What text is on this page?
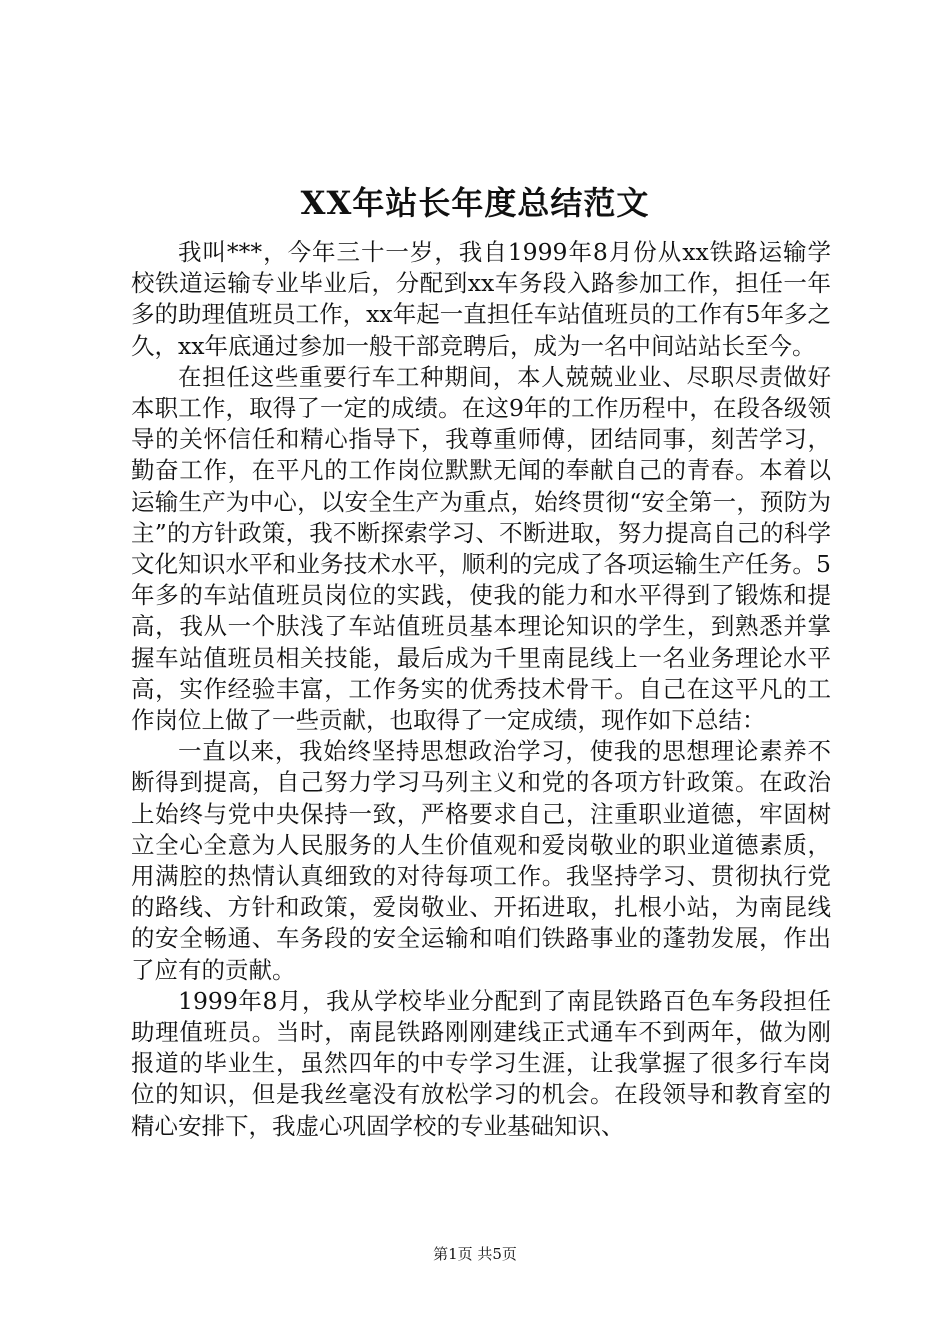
XX年站长年度总结范文

我叫***，今年三十一岁，我自1999年8月份从xx铁路运输学校铁道运输专业毕业后，分配到xx车务段入路参加工作，担任一年多的助理值班员工作，xx年起一直担任车站值班员的工作有5年多之久，xx年底通过参加一般干部竞聘后，成为一名中间站站长至今。

在担任这些重要行车工种期间，本人兢兢业业、尽职尽责做好本职工作，取得了一定的成绩。在这9年的工作历程中，在段各级领导的关怀信任和精心指导下，我尊重师傅，团结同事，刻苦学习，勤奋工作，在平凡的工作岗位默默无闻的奉献自己的青春。本着以运输生产为中心，以安全生产为重点，始终贯彻“安全第一，预防为主”的方针政策，我不断探索学习、不断进取，努力提高自己的科学文化知识水平和业务技术水平，顺利的完成了各项运输生产任务。5年多的车站值班员岗位的实践，使我的能力和水平得到了锻炼和提高，我从一个肤浅了车站值班员基本理论知识的学生，到熟悉并掌握车站值班员相关技能，最后成为千里南昆线上一名业务理论水平高，实作经验丰富，工作务实的优秀技术骨干。自己在这平凡的工作岗位上做了一些贡献，也取得了一定成绩，现作如下总结：

一直以来，我始终坚持思想政治学习，使我的思想理论素养不断得到提高，自己努力学习马列主义和党的各项方针政策。在政治上始终与党中央保持一致，严格要求自己，注重职业道德，牢固树立全心全意为人民服务的人生价值观和爱岗敬业的职业道德素质，用满腔的热情认真细致的对待每项工作。我坚持学习、贯彻执行党的路线、方针和政策，爱岗敬业、开拓进取，扎根小站，为南昆线的安全畅通、车务段的安全运输和咱们铁路事业的蓬勃发展，作出了应有的贡献。

1999年8月，我从学校毕业分配到了南昆铁路百色车务段担任助理值班员。当时，南昆铁路刚刚建线正式通车不到两年，做为刚报道的毕业生，虽然四年的中专学习生涯，让我掌握了很多行车岗位的知识，但是我丝毫没有放松学习的机会。在段领导和教育室的精心安排下，我虚心巩固学校的专业基础知识、

第1页 共5页
